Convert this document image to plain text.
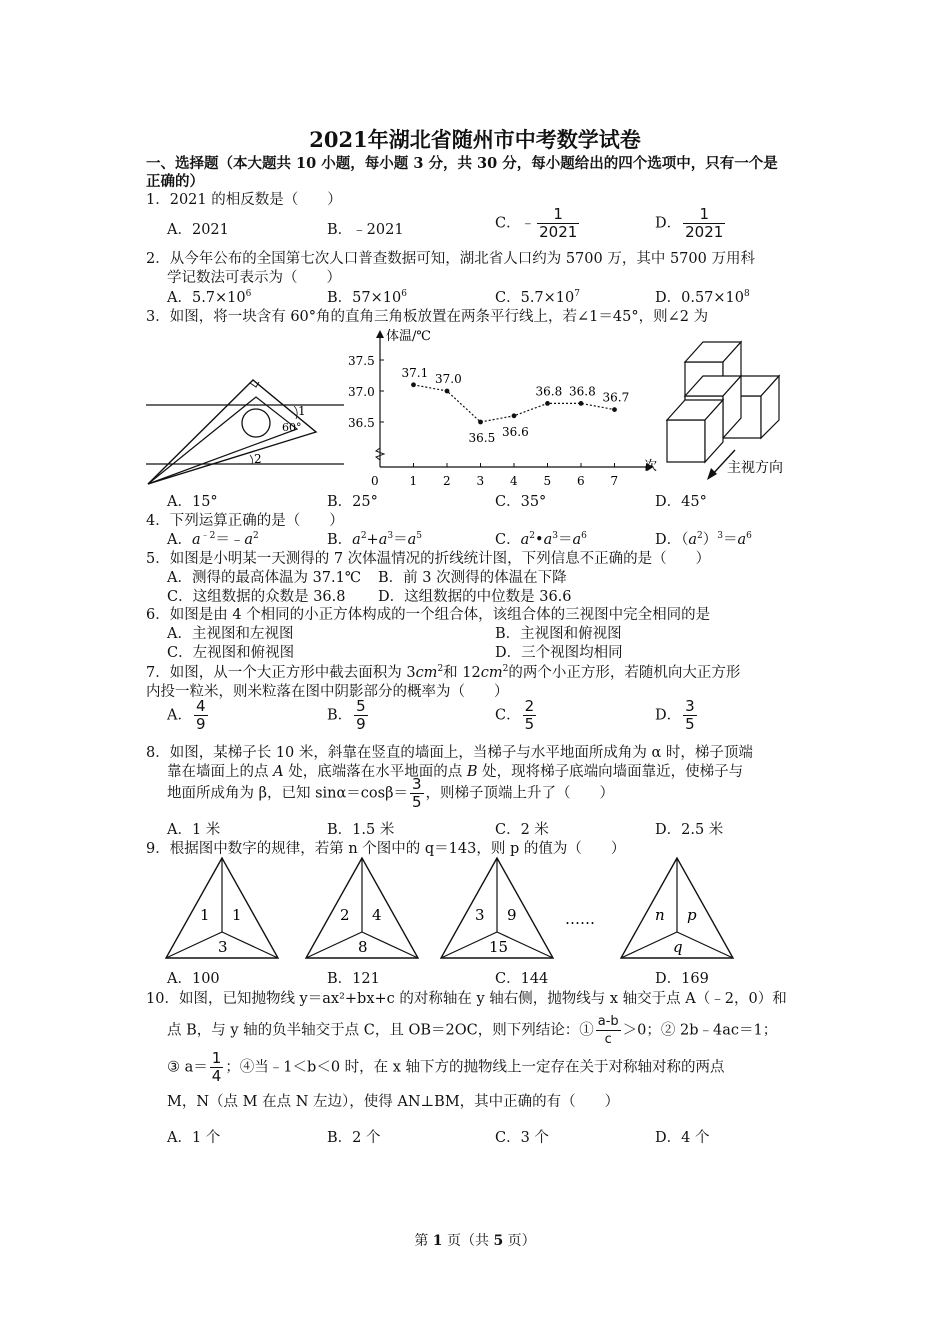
2021年湖北省随州市中考数学试卷
一、选择题（本大题共 10 小题，每小题 3 分，共 30 分，每小题给出的四个选项中，只有一个是
正确的）
1．2021 的相反数是（　　）
A．2021	B．﹣2021	C．﹣ $\frac{1}{2021}$	D． $\frac{1}{2021}$
2．从今年公布的全国第七次人口普查数据可知，湖北省人口约为 5700 万，其中 5700 万用科
学记数法可表示为（　　）
A．$5.7\times 10^6$	B．$57\times 10^6$	C．$5.7\times 10^7$	D．$0.57\times 10^8$
3．如图，将一块含有 60°角的直角三角板放置在两条平行线上，若∠1＝45°，则∠2 为
1
60°
2
体温/℃
次
37.5
37.0
36.5
0	1 2 3 4 5 6 7
37.1 37.0
36.5 36.6
36.8 36.8 36.7
主视方向
A．15°	B．25°	C．35°	D．45°
4．下列运算正确的是（　　）
A．$a^{﹣2}=﹣a^2$	B．$a^2+a^3=a^5$	C．$a^2•a^3=a^6$	D．$(a^2)^3=a^6$
5．如图是小明某一天测得的 7 次体温情况的折线统计图，下列信息不正确的是（　　）
A．测得的最高体温为 37.1℃ B．前 3 次测得的体温在下降
C．这组数据的众数是 36.8 D．这组数据的中位数是 36.6
6．如图是由 4 个相同的小正方体构成的一个组合体，该组合体的三视图中完全相同的是
A．主视图和左视图	B．主视图和俯视图
C．左视图和俯视图	D．三个视图均相同
7．如图，从一个大正方形中截去面积为 $3cm^2$和 $12cm^2$的两个小正方形，若随机向大正方形
内投一粒米，则米粒落在图中阴影部分的概率为（　　）
A． $\frac{4}{9}$	B． $\frac{5}{9}$	C． $\frac{2}{5}$	D． $\frac{3}{5}$
8．如图，某梯子长 10 米，斜靠在竖直的墙面上，当梯子与水平地面所成角为 α 时，梯子顶端
靠在墙面上的点 A 处，底端落在水平地面的点 B 处，现将梯子底端向墙面靠近，使梯子与
地面所成角为 β，已知 $\sin\alpha=\cos\beta= \frac{3}{5}$ ，则梯子顶端上升了（　　）
A．1 米	B．1.5 米	C．2 米	D．2.5 米
9．根据图中数字的规律，若第 n 个图中的 q＝143，则 p 的值为（　　）
1 1
3
2 4
8
3 9
15
n p
q
……
A．100	B．121	C．144	D．169
10．如图，已知抛物线 y＝ax²+bx+c 的对称轴在 y 轴右侧，抛物线与 x 轴交于点 A（﹣2，0）和
点 B，与 y 轴的负半轴交于点 C，且 OB＝2OC，则下列结论：① $\frac{a-b}{c} >0$；② 2b﹣4ac＝1；
③ $a= \frac{1}{4}$ ；④当﹣1＜b＜0 时，在 x 轴下方的抛物线上一定存在关于对称轴对称的两点
M，N（点 M 在点 N 左边），使得 AN⊥BM，其中正确的有（　　）
A．1 个	B．2 个	C．3 个	D．4 个
第 1 页（共 5 页）
